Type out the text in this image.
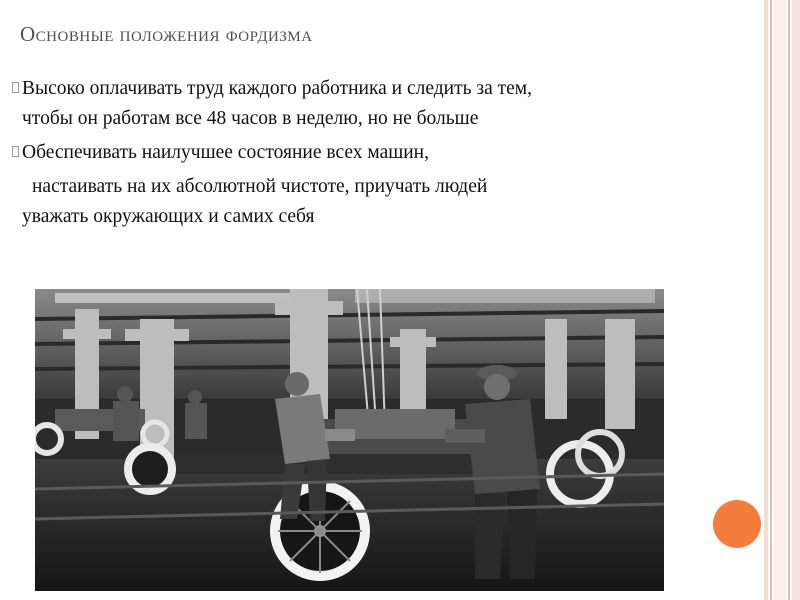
Основные положения фордизма
Высоко оплачивать труд каждого работника и следить за тем,
чтобы он работам все 48 часов в неделю, но не больше
Обеспечивать наилучшее состояние всех машин,
настаивать на их абсолютной чистоте, приучать людей
уважать окружающих и самих себя
